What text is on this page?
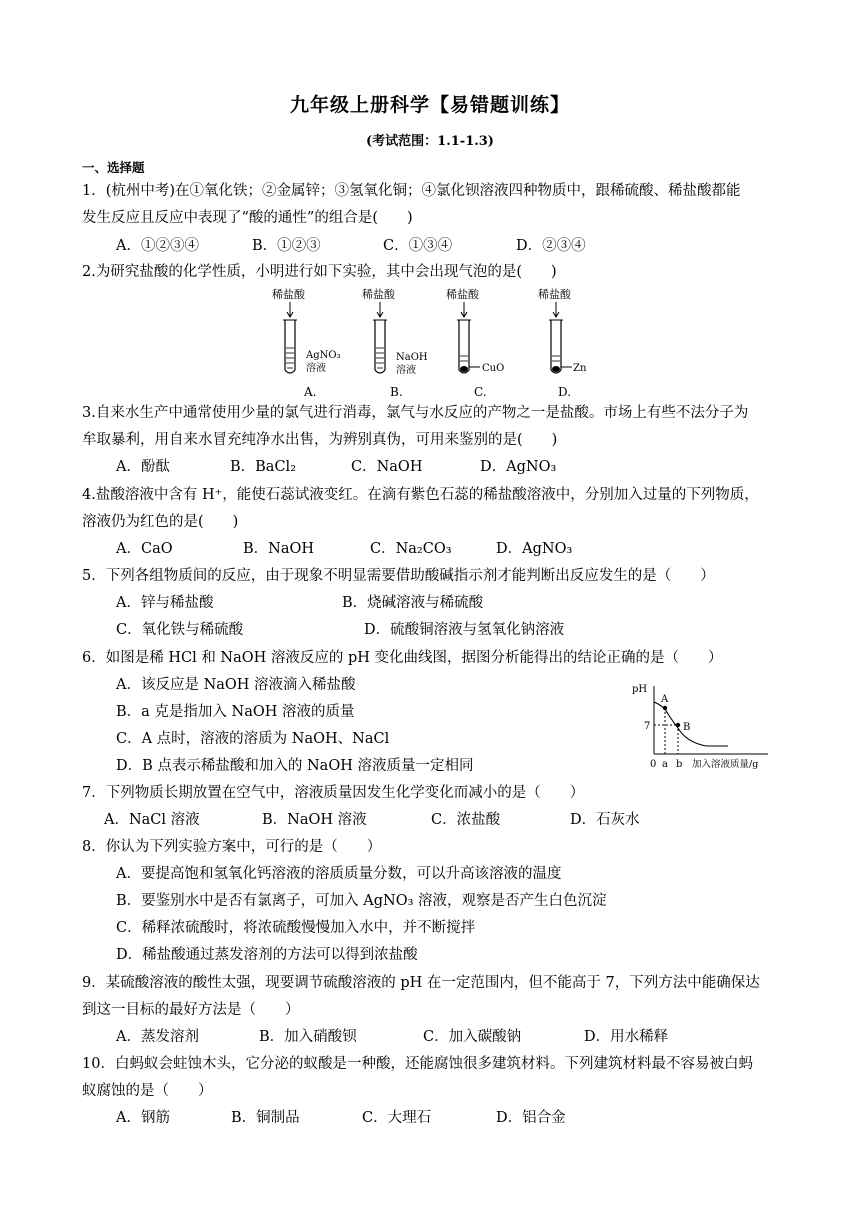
九年级上册科学【易错题训练】
(考试范围：1.1-1.3)
一、选择题
1．(杭州中考)在①氧化铁；②金属锌；③氢氧化铜；④氯化钡溶液四种物质中，跟稀硫酸、稀盐酸都能
发生反应且反应中表现了“酸的通性”的组合是(　　)
A．①②③④	B．①②③	C．①③④	D．②③④
2.为研究盐酸的化学性质，小明进行如下实验，其中会出现气泡的是(　　)
稀盐酸
AgNO₃
溶液
A.
稀盐酸
NaOH
溶液
B.
稀盐酸
CuO
C.
稀盐酸
Zn
D.
3.自来水生产中通常使用少量的氯气进行消毒，氯气与水反应的产物之一是盐酸。市场上有些不法分子为
牟取暴利，用自来水冒充纯净水出售，为辨别真伪，可用来鉴别的是(　　)
A．酚酞	B．BaCl₂	C．NaOH	D．AgNO₃
4.盐酸溶液中含有 H⁺，能使石蕊试液变红。在滴有紫色石蕊的稀盐酸溶液中，分别加入过量的下列物质，
溶液仍为红色的是(　　)
A．CaO	B．NaOH	C．Na₂CO₃	D．AgNO₃
5．下列各组物质间的反应，由于现象不明显需要借助酸碱指示剂才能判断出反应发生的是（　　）
A．锌与稀盐酸	B．烧碱溶液与稀硫酸
C．氧化铁与稀硫酸	D．硫酸铜溶液与氢氧化钠溶液
6．如图是稀 HCl 和 NaOH 溶液反应的 pH 变化曲线图，据图分析能得出的结论正确的是（　　）
A．该反应是 NaOH 溶液滴入稀盐酸
B．a 克是指加入 NaOH 溶液的质量
C．A 点时，溶液的溶质为 NaOH、NaCl
D．B 点表示稀盐酸和加入的 NaOH 溶液质量一定相同
pH
7
A
B
0 a b 加入溶液质量/g
7．下列物质长期放置在空气中，溶液质量因发生化学变化而减小的是（　　）
A．NaCl 溶液	B．NaOH 溶液	C．浓盐酸	D．石灰水
8．你认为下列实验方案中，可行的是（　　）
A．要提高饱和氢氧化钙溶液的溶质质量分数，可以升高该溶液的温度
B．要鉴别水中是否有氯离子，可加入 AgNO₃ 溶液，观察是否产生白色沉淀
C．稀释浓硫酸时，将浓硫酸慢慢加入水中，并不断搅拌
D．稀盐酸通过蒸发溶剂的方法可以得到浓盐酸
9．某硫酸溶液的酸性太强，现要调节硫酸溶液的 pH 在一定范围内，但不能高于 7，下列方法中能确保达
到这一目标的最好方法是（　　）
A．蒸发溶剂	B．加入硝酸钡	C．加入碳酸钠	D．用水稀释
10．白蚂蚁会蛀蚀木头，它分泌的蚁酸是一种酸，还能腐蚀很多建筑材料。下列建筑材料最不容易被白蚂
蚁腐蚀的是（　　）
A．钢筋	B．铜制品	C．大理石	D．铝合金
